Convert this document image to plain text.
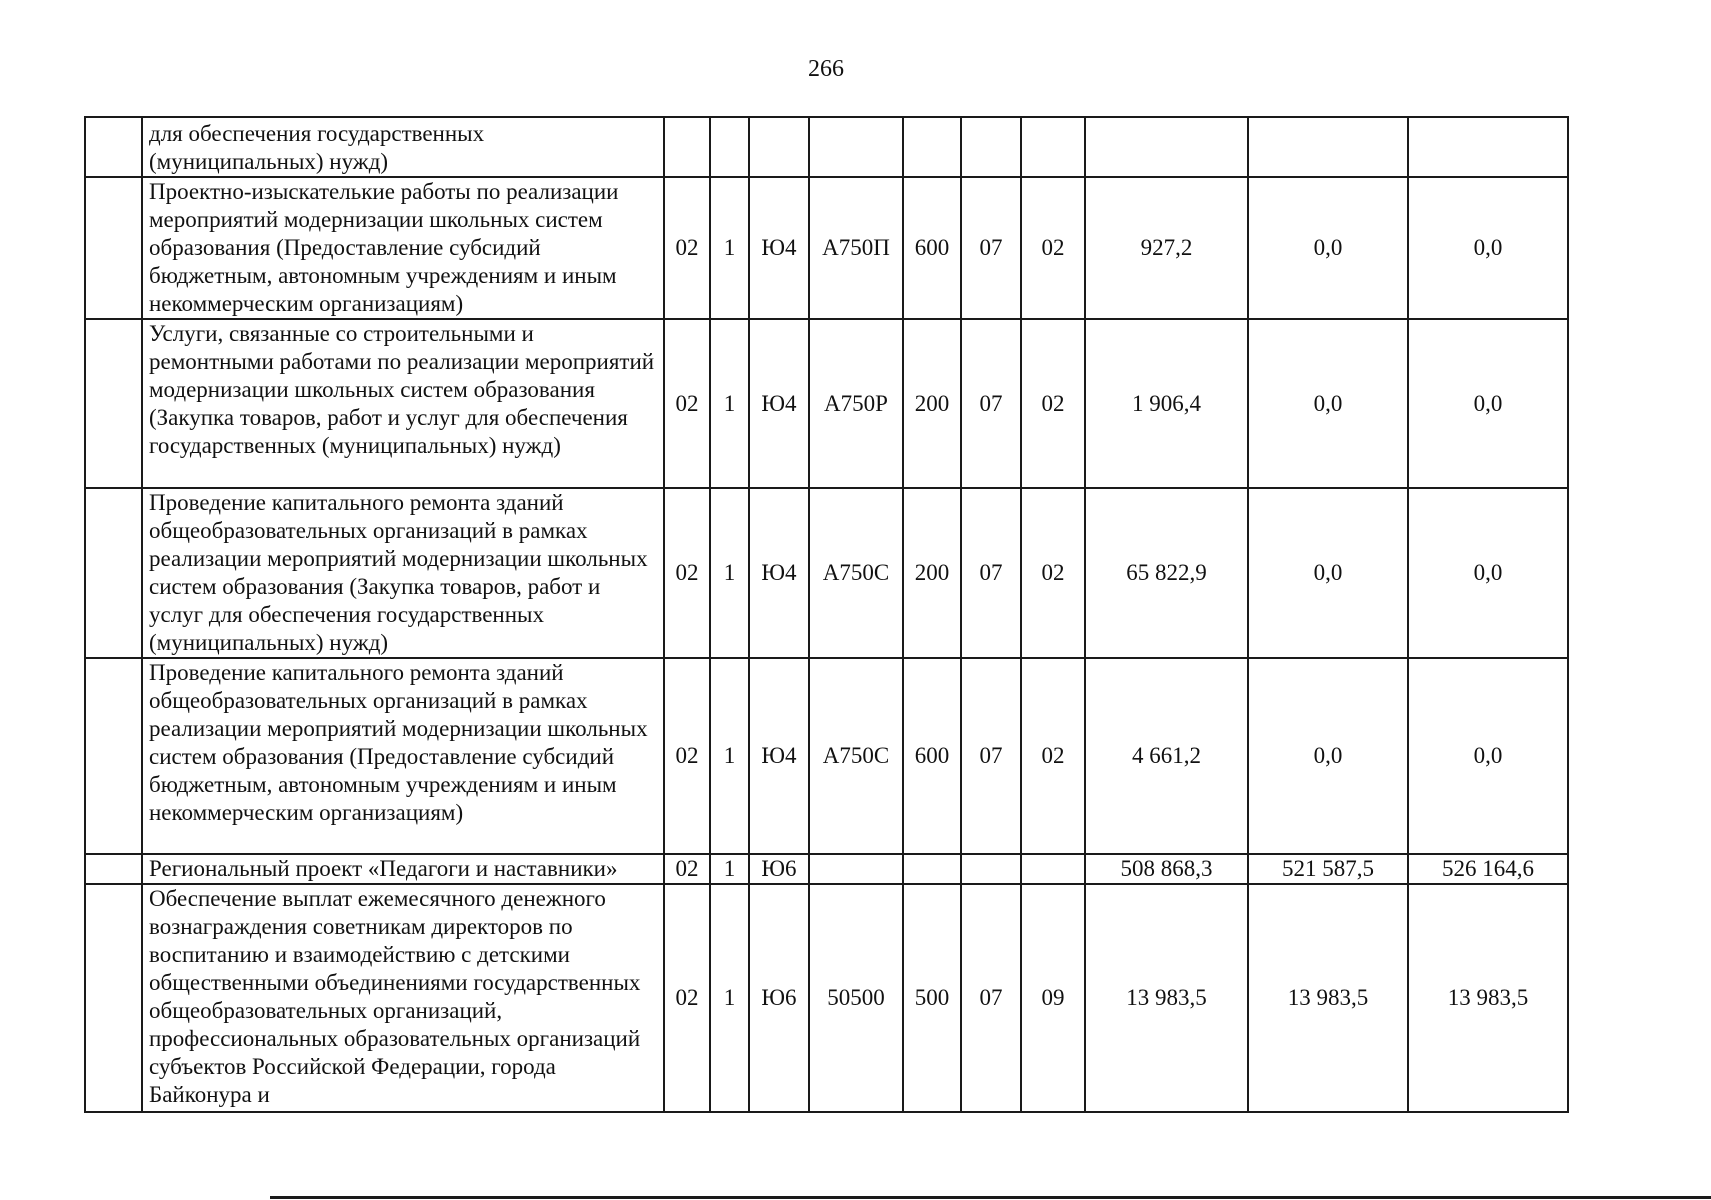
266
	для обеспечения государственных (муниципальных) нужд)										
	Проектно-изыскателькие работы по реализации мероприятий модернизации школьных систем образования (Предоставление субсидий бюджетным, автономным учреждениям и иным некоммерческим организациям)	02	1	Ю4	А750П	600	07	02	927,2	0,0	0,0
	Услуги, связанные со строительными и ремонтными работами по реализации мероприятий модернизации школьных систем образования (Закупка товаров, работ и услуг для обеспечения государственных (муниципальных) нужд)	02	1	Ю4	А750Р	200	07	02	1 906,4	0,0	0,0
	Проведение капитального ремонта зданий общеобразовательных организаций в рамках реализации мероприятий модернизации школьных систем образования (Закупка товаров, работ и услуг для обеспечения государственных (муниципальных) нужд)	02	1	Ю4	А750С	200	07	02	65 822,9	0,0	0,0
	Проведение капитального ремонта зданий общеобразовательных организаций в рамках реализации мероприятий модернизации школьных систем образования (Предоставление субсидий бюджетным, автономным учреждениям и иным некоммерческим организациям)	02	1	Ю4	А750С	600	07	02	4 661,2	0,0	0,0
	Региональный проект «Педагоги и наставники»	02	1	Ю6					508 868,3	521 587,5	526 164,6
	Обеспечение выплат ежемесячного денежного вознаграждения советникам директоров по воспитанию и взаимодействию с детскими общественными объединениями государственных общеобразовательных организаций, профессиональных образовательных организаций субъектов Российской Федерации, города Байконура и	02	1	Ю6	50500	500	07	09	13 983,5	13 983,5	13 983,5
